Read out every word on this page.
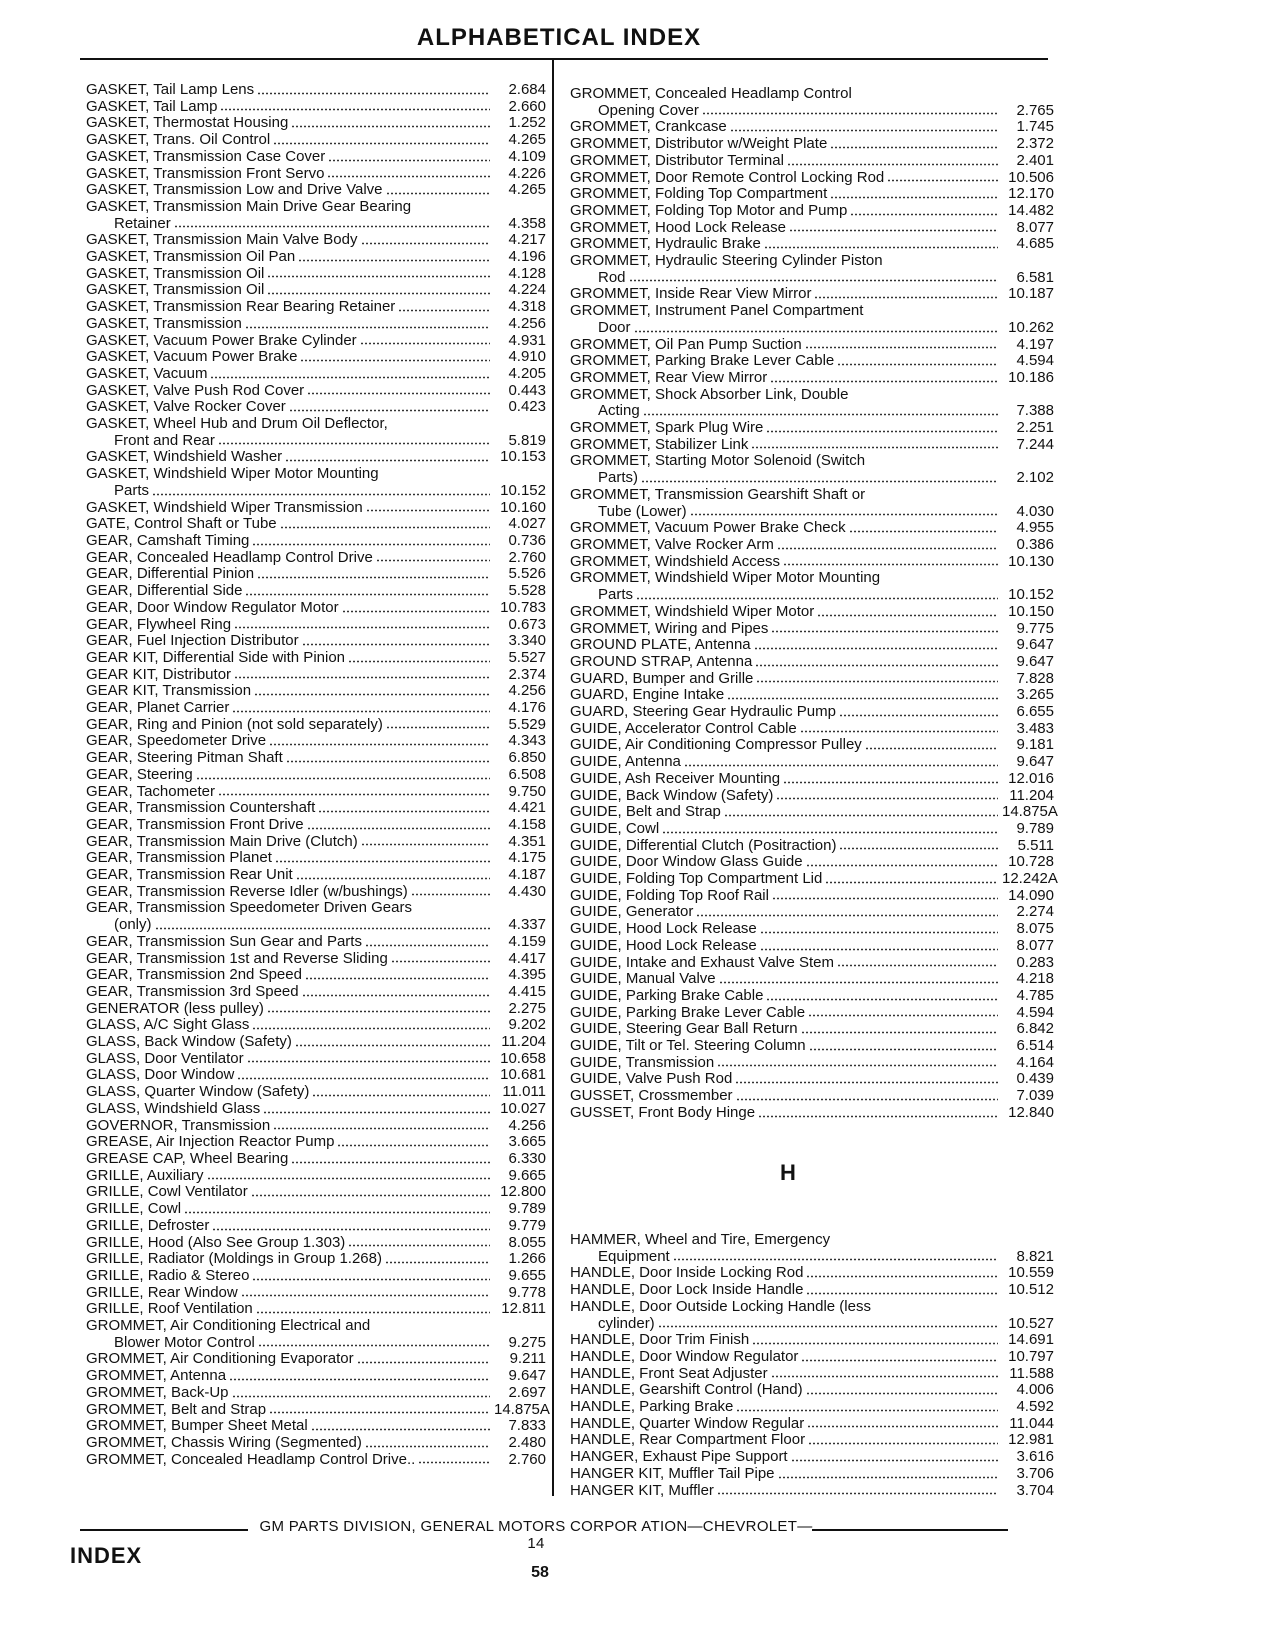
ALPHABETICAL INDEX
GASKET, Tail Lamp Lens	2.684
GASKET, Tail Lamp	2.660
GASKET, Thermostat Housing	1.252
GASKET, Trans. Oil Control	4.265
GASKET, Transmission Case Cover	4.109
GASKET, Transmission Front Servo	4.226
GASKET, Transmission Low and Drive Valve	4.265
GASKET, Transmission Main Drive Gear Bearing
Retainer	4.358
GASKET, Transmission Main Valve Body	4.217
GASKET, Transmission Oil Pan	4.196
GASKET, Transmission Oil	4.128
GASKET, Transmission Oil	4.224
GASKET, Transmission Rear Bearing Retainer	4.318
GASKET, Transmission	4.256
GASKET, Vacuum Power Brake Cylinder	4.931
GASKET, Vacuum Power Brake	4.910
GASKET, Vacuum	4.205
GASKET, Valve Push Rod Cover	0.443
GASKET, Valve Rocker Cover	0.423
GASKET, Wheel Hub and Drum Oil Deflector,
Front and Rear	5.819
GASKET, Windshield Washer	10.153
GASKET, Windshield Wiper Motor Mounting
Parts	10.152
GASKET, Windshield Wiper Transmission	10.160
GATE, Control Shaft or Tube	4.027
GEAR, Camshaft Timing	0.736
GEAR, Concealed Headlamp Control Drive	2.760
GEAR, Differential Pinion	5.526
GEAR, Differential Side	5.528
GEAR, Door Window Regulator Motor	10.783
GEAR, Flywheel Ring	0.673
GEAR, Fuel Injection Distributor	3.340
GEAR KIT, Differential Side with Pinion	5.527
GEAR KIT, Distributor	2.374
GEAR KIT, Transmission	4.256
GEAR, Planet Carrier	4.176
GEAR, Ring and Pinion (not sold separately)	5.529
GEAR, Speedometer Drive	4.343
GEAR, Steering Pitman Shaft	6.850
GEAR, Steering	6.508
GEAR, Tachometer	9.750
GEAR, Transmission Countershaft	4.421
GEAR, Transmission Front Drive	4.158
GEAR, Transmission Main Drive (Clutch)	4.351
GEAR, Transmission Planet	4.175
GEAR, Transmission Rear Unit	4.187
GEAR, Transmission Reverse Idler (w/bushings)	4.430
GEAR, Transmission Speedometer Driven Gears
(only)	4.337
GEAR, Transmission Sun Gear and Parts	4.159
GEAR, Transmission 1st and Reverse Sliding	4.417
GEAR, Transmission 2nd Speed	4.395
GEAR, Transmission 3rd Speed	4.415
GENERATOR (less pulley)	2.275
GLASS, A/C Sight Glass	9.202
GLASS, Back Window (Safety)	11.204
GLASS, Door Ventilator	10.658
GLASS, Door Window	10.681
GLASS, Quarter Window (Safety)	11.011
GLASS, Windshield Glass	10.027
GOVERNOR, Transmission	4.256
GREASE, Air Injection Reactor Pump	3.665
GREASE CAP, Wheel Bearing	6.330
GRILLE, Auxiliary	9.665
GRILLE, Cowl Ventilator	12.800
GRILLE, Cowl	9.789
GRILLE, Defroster	9.779
GRILLE, Hood (Also See Group 1.303)	8.055
GRILLE, Radiator (Moldings in Group 1.268)	1.266
GRILLE, Radio & Stereo	9.655
GRILLE, Rear Window	9.778
GRILLE, Roof Ventilation	12.811
GROMMET, Air Conditioning Electrical and
Blower Motor Control	9.275
GROMMET, Air Conditioning Evaporator	9.211
GROMMET, Antenna	9.647
GROMMET, Back-Up	2.697
GROMMET, Belt and Strap	14.875A
GROMMET, Bumper Sheet Metal	7.833
GROMMET, Chassis Wiring (Segmented)	2.480
GROMMET, Concealed Headlamp Control Drive..	2.760
GROMMET, Concealed Headlamp Control
Opening Cover	2.765
GROMMET, Crankcase	1.745
GROMMET, Distributor w/Weight Plate	2.372
GROMMET, Distributor Terminal	2.401
GROMMET, Door Remote Control Locking Rod	10.506
GROMMET, Folding Top Compartment	12.170
GROMMET, Folding Top Motor and Pump	14.482
GROMMET, Hood Lock Release	8.077
GROMMET, Hydraulic Brake	4.685
GROMMET, Hydraulic Steering Cylinder Piston
Rod	6.581
GROMMET, Inside Rear View Mirror	10.187
GROMMET, Instrument Panel Compartment
Door	10.262
GROMMET, Oil Pan Pump Suction	4.197
GROMMET, Parking Brake Lever Cable	4.594
GROMMET, Rear View Mirror	10.186
GROMMET, Shock Absorber Link, Double
Acting	7.388
GROMMET, Spark Plug Wire	2.251
GROMMET, Stabilizer Link	7.244
GROMMET, Starting Motor Solenoid (Switch
Parts)	2.102
GROMMET, Transmission Gearshift Shaft or
Tube (Lower)	4.030
GROMMET, Vacuum Power Brake Check	4.955
GROMMET, Valve Rocker Arm	0.386
GROMMET, Windshield Access	10.130
GROMMET, Windshield Wiper Motor Mounting
Parts	10.152
GROMMET, Windshield Wiper Motor	10.150
GROMMET, Wiring and Pipes	9.775
GROUND PLATE, Antenna	9.647
GROUND STRAP, Antenna	9.647
GUARD, Bumper and Grille	7.828
GUARD, Engine Intake	3.265
GUARD, Steering Gear Hydraulic Pump	6.655
GUIDE, Accelerator Control Cable	3.483
GUIDE, Air Conditioning Compressor Pulley	9.181
GUIDE, Antenna	9.647
GUIDE, Ash Receiver Mounting	12.016
GUIDE, Back Window (Safety)	11.204
GUIDE, Belt and Strap	14.875A
GUIDE, Cowl	9.789
GUIDE, Differential Clutch (Positraction)	5.511
GUIDE, Door Window Glass Guide	10.728
GUIDE, Folding Top Compartment Lid	12.242A
GUIDE, Folding Top Roof Rail	14.090
GUIDE, Generator	2.274
GUIDE, Hood Lock Release	8.075
GUIDE, Hood Lock Release	8.077
GUIDE, Intake and Exhaust Valve Stem	0.283
GUIDE, Manual Valve	4.218
GUIDE, Parking Brake Cable	4.785
GUIDE, Parking Brake Lever Cable	4.594
GUIDE, Steering Gear Ball Return	6.842
GUIDE, Tilt or Tel. Steering Column	6.514
GUIDE, Transmission	4.164
GUIDE, Valve Push Rod	0.439
GUSSET, Crossmember	7.039
GUSSET, Front Body Hinge	12.840
H
HAMMER, Wheel and Tire, Emergency
Equipment	8.821
HANDLE, Door Inside Locking Rod	10.559
HANDLE, Door Lock Inside Handle	10.512
HANDLE, Door Outside Locking Handle (less
cylinder)	10.527
HANDLE, Door Trim Finish	14.691
HANDLE, Door Window Regulator	10.797
HANDLE, Front Seat Adjuster	11.588
HANDLE, Gearshift Control (Hand)	4.006
HANDLE, Parking Brake	4.592
HANDLE, Quarter Window Regular	11.044
HANDLE, Rear Compartment Floor	12.981
HANGER, Exhaust Pipe Support	3.616
HANGER KIT, Muffler Tail Pipe	3.706
HANGER KIT, Muffler	3.704
GM PARTS DIVISION, GENERAL MOTORS CORPOR ATION—CHEVROLET—14
INDEX
58
